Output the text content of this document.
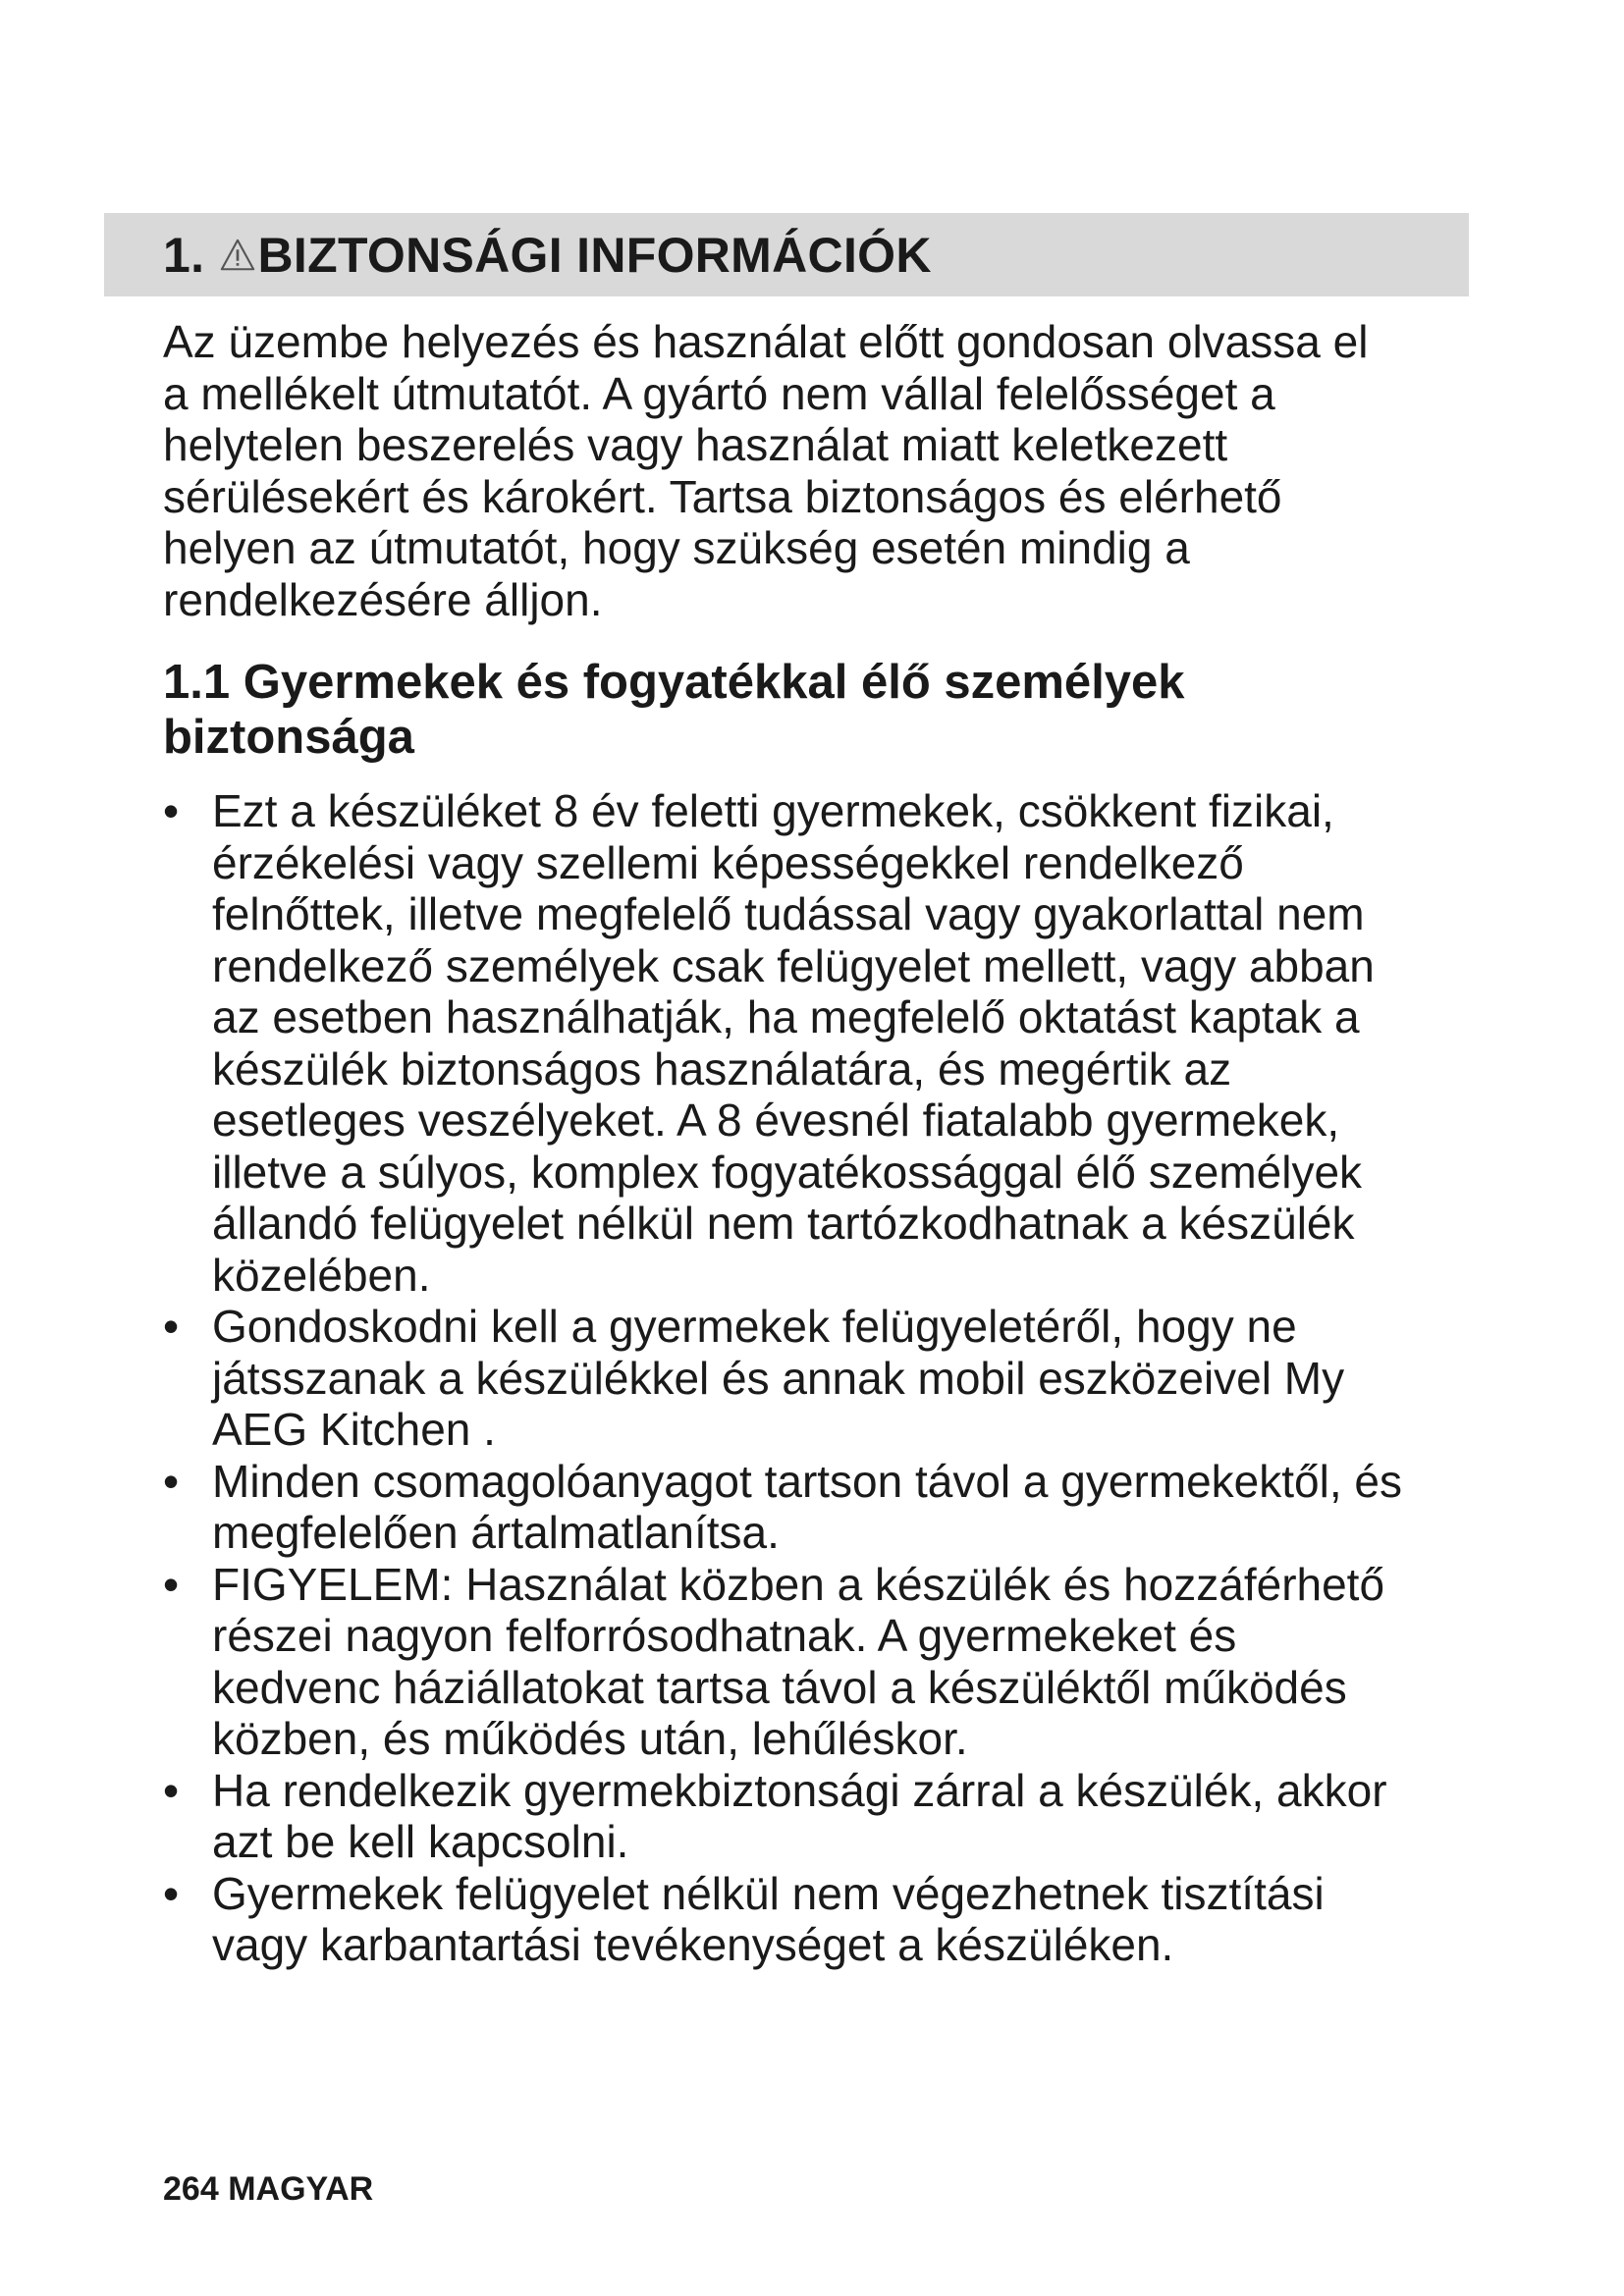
1. BIZTONSÁGI INFORMÁCIÓK

Az üzembe helyezés és használat előtt gondosan olvassa el
a mellékelt útmutatót. A gyártó nem vállal felelősséget a
helytelen beszerelés vagy használat miatt keletkezett
sérülésekért és károkért. Tartsa biztonságos és elérhető
helyen az útmutatót, hogy szükség esetén mindig a
rendelkezésére álljon.

1.1 Gyermekek és fogyatékkal élő személyek
biztonsága
• Ezt a készüléket 8 év feletti gyermekek, csökkent fizikai,
érzékelési vagy szellemi képességekkel rendelkező
felnőttek, illetve megfelelő tudással vagy gyakorlattal nem
rendelkező személyek csak felügyelet mellett, vagy abban
az esetben használhatják, ha megfelelő oktatást kaptak a
készülék biztonságos használatára, és megértik az
esetleges veszélyeket. A 8 évesnél fiatalabb gyermekek,
illetve a súlyos, komplex fogyatékossággal élő személyek
állandó felügyelet nélkül nem tartózkodhatnak a készülék
közelében.
• Gondoskodni kell a gyermekek felügyeletéről, hogy ne
játsszanak a készülékkel és annak mobil eszközeivel My
AEG Kitchen .
• Minden csomagolóanyagot tartson távol a gyermekektől, és
megfelelően ártalmatlanítsa.
• FIGYELEM: Használat közben a készülék és hozzáférhető
részei nagyon felforrósodhatnak. A gyermekeket és
kedvenc háziállatokat tartsa távol a készüléktől működés
közben, és működés után, lehűléskor.
• Ha rendelkezik gyermekbiztonsági zárral a készülék, akkor
azt be kell kapcsolni.
• Gyermekek felügyelet nélkül nem végezhetnek tisztítási
vagy karbantartási tevékenységet a készüléken.

264 MAGYAR
